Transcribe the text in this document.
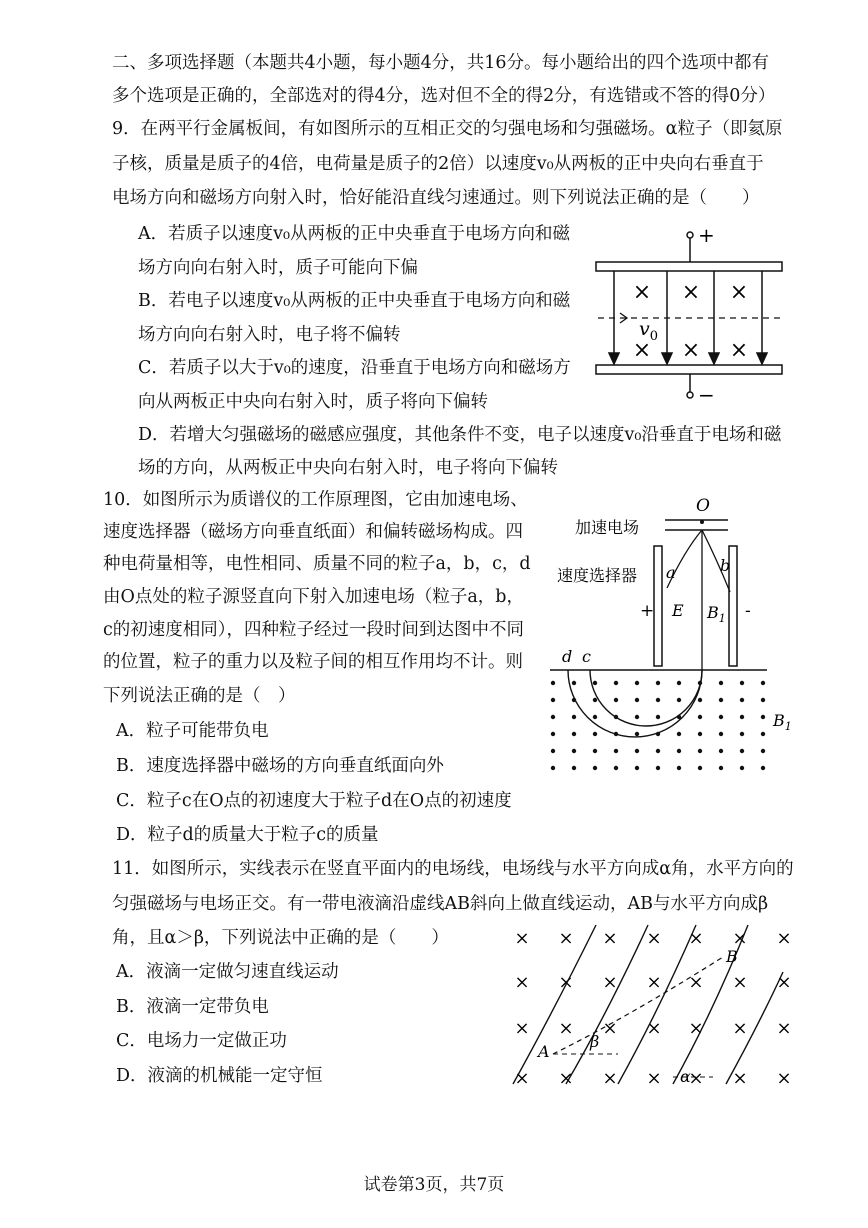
二、多项选择题（本题共4小题，每小题4分，共16分。每小题给出的四个选项中都有
多个选项是正确的，全部选对的得4分，选对但不全的得2分，有选错或不答的得0分）
9．在两平行金属板间，有如图所示的互相正交的匀强电场和匀强磁场。α粒子（即氦原
子核，质量是质子的4倍，电荷量是质子的2倍）以速度v₀从两板的正中央向右垂直于
电场方向和磁场方向射入时，恰好能沿直线匀速通过。则下列说法正确的是（　　）
A．若质子以速度v₀从两板的正中央垂直于电场方向和磁
场方向向右射入时，质子可能向下偏
B．若电子以速度v₀从两板的正中央垂直于电场方向和磁
场方向向右射入时，电子将不偏转
C．若质子以大于v₀的速度，沿垂直于电场方向和磁场方
向从两板正中央向右射入时，质子将向下偏转
D．若增大匀强磁场的磁感应强度，其他条件不变，电子以速度v₀沿垂直于电场和磁
场的方向，从两板正中央向右射入时，电子将向下偏转
+
−
× × ×
× × ×
$v_0$
10．如图所示为质谱仪的工作原理图，它由加速电场、
速度选择器（磁场方向垂直纸面）和偏转磁场构成。四
种电荷量相等，电性相同、质量不同的粒子a，b，c，d
由O点处的粒子源竖直向下射入加速电场（粒子a，b，
c的初速度相同），四种粒子经过一段时间到达图中不同
的位置，粒子的重力以及粒子间的相互作用均不计。则
下列说法正确的是（　）
A．粒子可能带负电
B．速度选择器中磁场的方向垂直纸面向外
C．粒子c在O点的初速度大于粒子d在O点的初速度
D．粒子d的质量大于粒子c的质量
O
加速电场
速度选择器
+	-
E $B_1$
a	b
d c
$B_1$
11．如图所示，实线表示在竖直平面内的电场线，电场线与水平方向成α角，水平方向的
匀强磁场与电场正交。有一带电液滴沿虚线AB斜向上做直线运动，AB与水平方向成β
角，且α＞β，下列说法中正确的是（　　）
A．液滴一定做匀速直线运动
B．液滴一定带负电
C．电场力一定做正功
D．液滴的机械能一定守恒
× × × × × × ×
× × × × × × ×
× × × × × × ×
× × × × × × ×
A
B
β
α
试卷第3页，共7页
